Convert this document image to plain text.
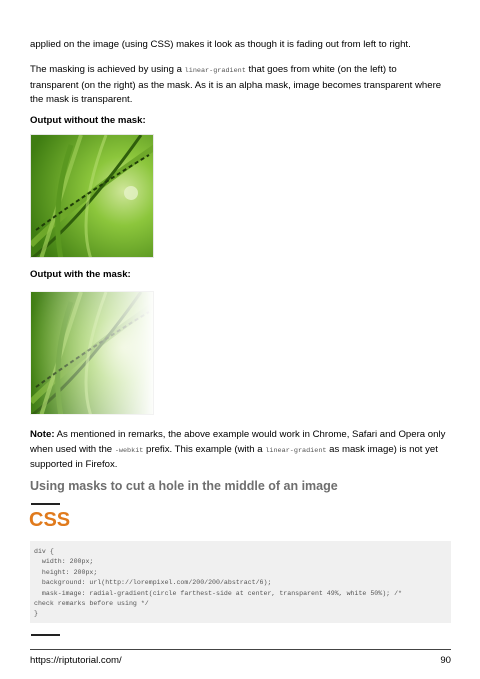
applied on the image (using CSS) makes it look as though it is fading out from left to right.
The masking is achieved by using a linear-gradient that goes from white (on the left) to
transparent (on the right) as the mask. As it is an alpha mask, image becomes transparent where
the mask is transparent.
Output without the mask:
Output with the mask:
Note: As mentioned in remarks, the above example would work in Chrome, Safari and Opera only
when used with the -webkit prefix. This example (with a linear-gradient as mask image) is not yet
supported in Firefox.
Using masks to cut a hole in the middle of an image
CSS
div {
width: 200px;
height: 200px;
background: url(http://lorempixel.com/200/200/abstract/6);
mask-image: radial-gradient(circle farthest-side at center, transparent 49%, white 50%); /*
check remarks before using */
}
https://riptutorial.com/	90
